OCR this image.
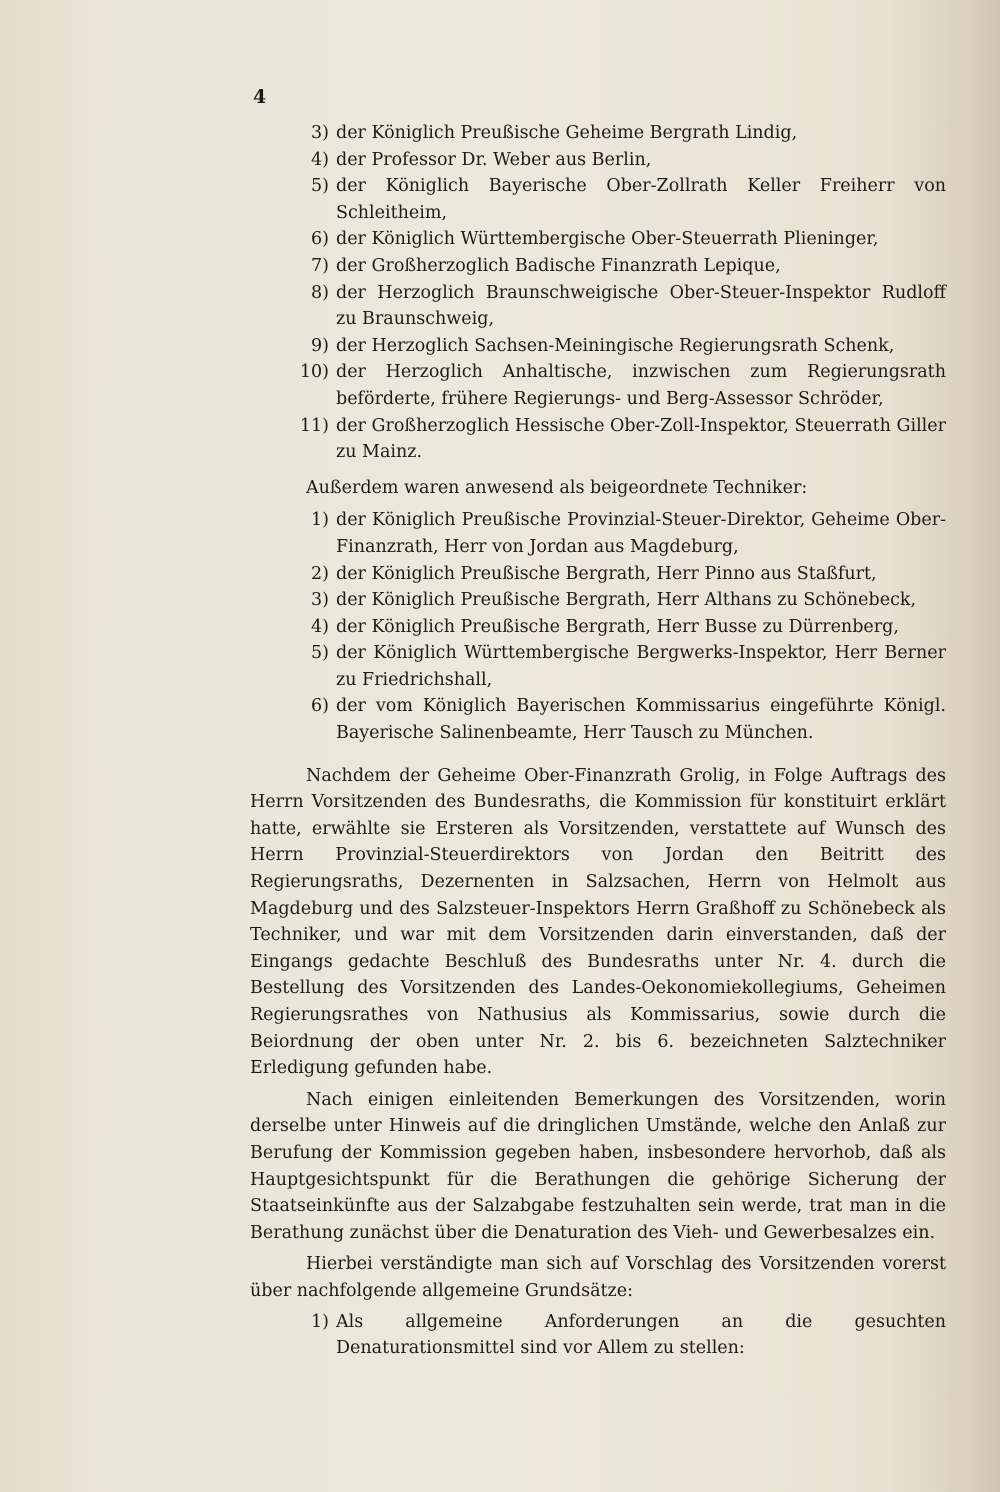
4
3) der Königlich Preußische Geheime Bergrath Lindig,
4) der Professor Dr. Weber aus Berlin,
5) der Königlich Bayerische Ober-Zollrath Keller Freiherr von Schleitheim,
6) der Königlich Württembergische Ober-Steuerrath Plieninger,
7) der Großherzoglich Badische Finanzrath Lepique,
8) der Herzoglich Braunschweigische Ober-Steuer-Inspektor Rudloff zu Braunschweig,
9) der Herzoglich Sachsen-Meiningische Regierungsrath Schenk,
10) der Herzoglich Anhaltische, inzwischen zum Regierungsrath beförderte, frühere Regierungs- und Berg-Assessor Schröder,
11) der Großherzoglich Hessische Ober-Zoll-Inspektor, Steuerrath Giller zu Mainz.

Außerdem waren anwesend als beigeordnete Techniker:

1) der Königlich Preußische Provinzial-Steuer-Direktor, Geheime Ober-Finanzrath, Herr von Jordan aus Magdeburg,
2) der Königlich Preußische Bergrath, Herr Pinno aus Staßfurt,
3) der Königlich Preußische Bergrath, Herr Althans zu Schönebeck,
4) der Königlich Preußische Bergrath, Herr Busse zu Dürrenberg,
5) der Königlich Württembergische Bergwerks-Inspektor, Herr Berner zu Friedrichshall,
6) der vom Königlich Bayerischen Kommissarius eingeführte Königl. Bayerische Salinenbeamte, Herr Tausch zu München.

Nachdem der Geheime Ober-Finanzrath Grolig, in Folge Auftrags des Herrn Vorsitzenden des Bundesraths, die Kommission für konstituirt erklärt hatte, erwählte sie Ersteren als Vorsitzenden, verstattete auf Wunsch des Herrn Provinzial-Steuerdirektors von Jordan den Beitritt des Regierungsraths, Dezernenten in Salzsachen, Herrn von Helmolt aus Magdeburg und des Salzsteuer-Inspektors Herrn Graßhoff zu Schönebeck als Techniker, und war mit dem Vorsitzenden darin einverstanden, daß der Eingangs gedachte Beschluß des Bundesraths unter Nr. 4. durch die Bestellung des Vorsitzenden des Landes-Oekonomiekollegiums, Geheimen Regierungsrathes von Nathusius als Kommissarius, sowie durch die Beiordnung der oben unter Nr. 2. bis 6. bezeichneten Salztechniker Erledigung gefunden habe.

Nach einigen einleitenden Bemerkungen des Vorsitzenden, worin derselbe unter Hinweis auf die dringlichen Umstände, welche den Anlaß zur Berufung der Kommission gegeben haben, insbesondere hervorhob, daß als Hauptgesichtspunkt für die Berathungen die gehörige Sicherung der Staatseinkünfte aus der Salzabgabe festzuhalten sein werde, trat man in die Berathung zunächst über die Denaturation des Vieh- und Gewerbesalzes ein.

Hierbei verständigte man sich auf Vorschlag des Vorsitzenden vorerst über nachfolgende allgemeine Grundsätze:

1) Als allgemeine Anforderungen an die gesuchten Denaturationsmittel sind vor Allem zu stellen:
